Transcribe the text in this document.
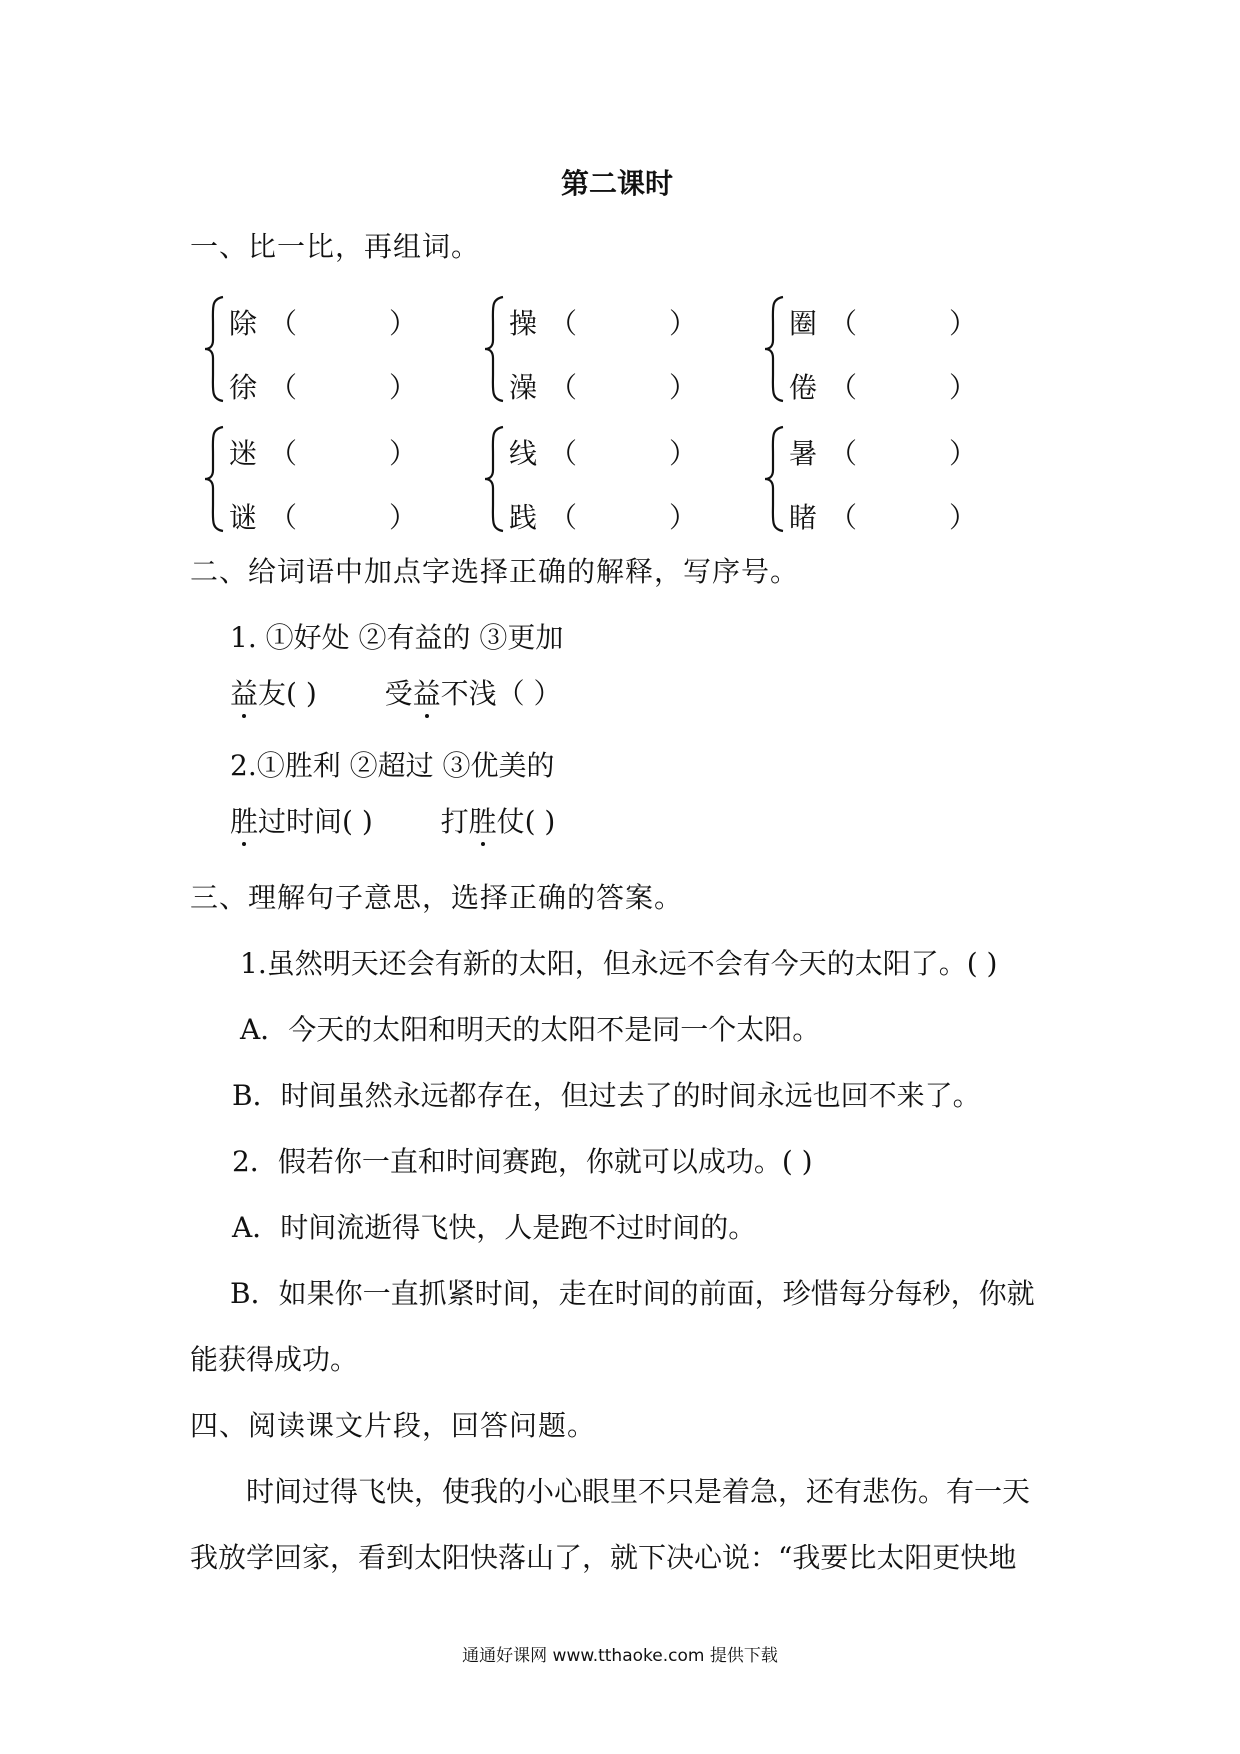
第二课时
一、比一比，再组词。
除 （	）
徐 （	）
操 （	）
澡 （	）
圈 （	）
倦 （	）
迷 （	）
谜 （	）
线 （	）
践 （	）
暑 （	）
睹 （	）
二、给词语中加点字选择正确的解释，写序号。
1. ①好处 ②有益的 ③更加
益友( ) 受益不浅（ ）
2.①胜利 ②超过 ③优美的
胜过时间( ) 打胜仗( )
三、理解句子意思，选择正确的答案。
1.虽然明天还会有新的太阳，但永远不会有今天的太阳了。( )
A．今天的太阳和明天的太阳不是同一个太阳。
B．时间虽然永远都存在，但过去了的时间永远也回不来了。
2．假若你一直和时间赛跑，你就可以成功。( )
A．时间流逝得飞快，人是跑不过时间的。
B．如果你一直抓紧时间，走在时间的前面，珍惜每分每秒，你就
能获得成功。
四、阅读课文片段，回答问题。
时间过得飞快，使我的小心眼里不只是着急，还有悲伤。有一天
我放学回家，看到太阳快落山了，就下决心说：“我要比太阳更快地
通通好课网 www.tthaoke.com 提供下载
